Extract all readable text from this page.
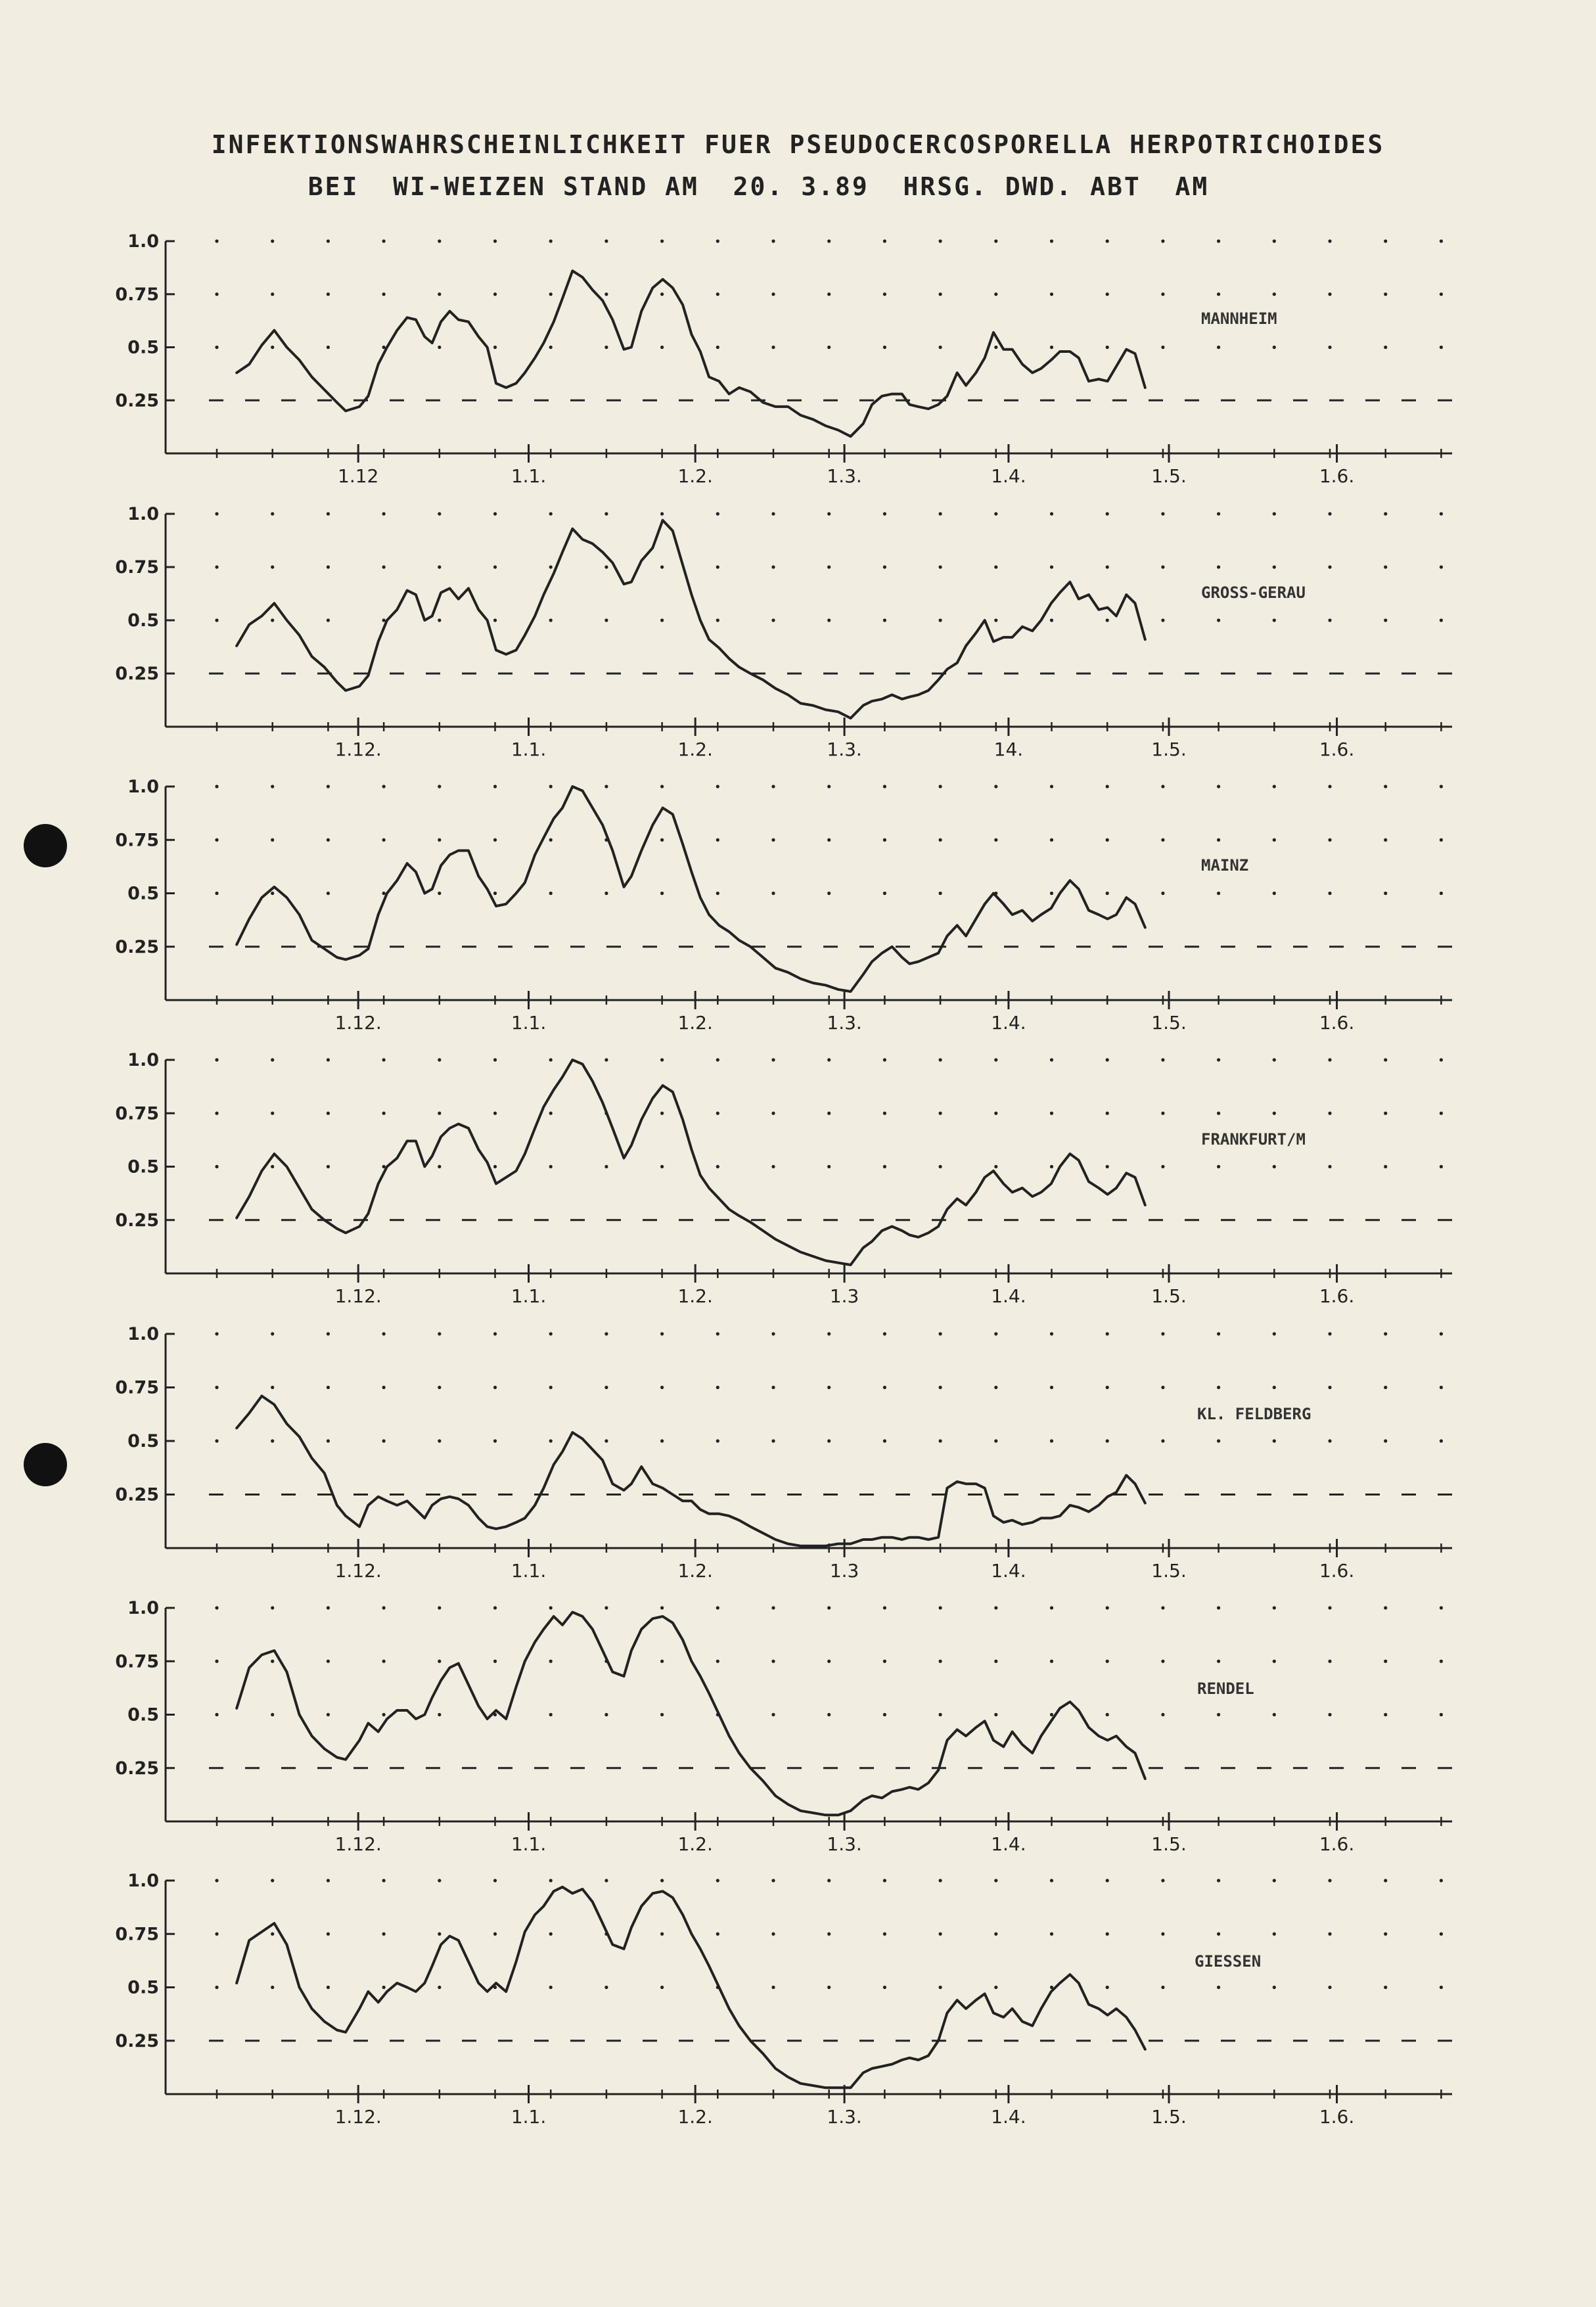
INFEKTIONSWAHRSCHEINLICHKEIT FUER PSEUDOCERCOSPORELLA HERPOTRICHOIDES
BEI  WI-WEIZEN STAND AM  20. 3.89  HRSG. DWD. ABT  AM
1.0
0.75
0.5
0.25
1.12	1.1.	1.2.	1.3.	1.4.	1.5.	1.6.
MANNHEIM
1.0
0.75
0.5
0.25
1.12.	1.1.	1.2.	1.3.	14.	1.5.	1.6.
GROSS-GERAU
1.0
0.75
0.5
0.25
1.12.	1.1.	1.2.	1.3.	1.4.	1.5.	1.6.
MAINZ
1.0
0.75
0.5
0.25
1.12.	1.1.	1.2.	1.3	1.4.	1.5.	1.6.
FRANKFURT/M
1.0
0.75
0.5
0.25
1.12.	1.1.	1.2.	1.3	1.4.	1.5.	1.6.
KL. FELDBERG
1.0
0.75
0.5
0.25
1.12.	1.1.	1.2.	1.3.	1.4.	1.5.	1.6.
RENDEL
1.0
0.75
0.5
0.25
1.12.	1.1.	1.2.	1.3.	1.4.	1.5.	1.6.
GIESSEN
